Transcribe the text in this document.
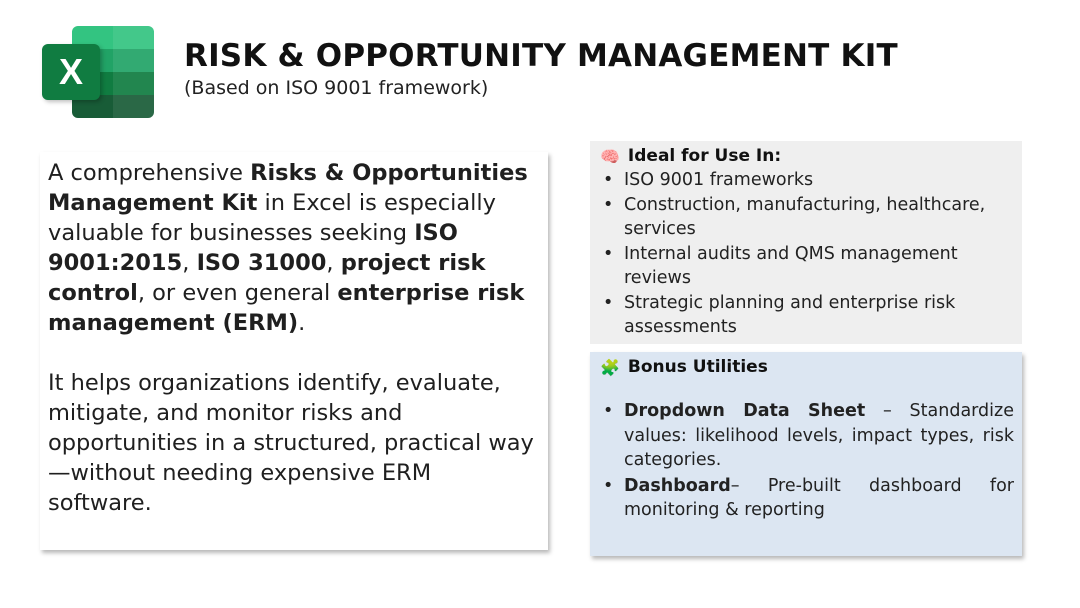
X	RISK & OPPORTUNITY MANAGEMENT KIT
(Based on ISO 9001 framework)

A comprehensive Risks & Opportunities Management Kit in Excel is especially valuable for businesses seeking ISO 9001:2015, ISO 31000, project risk control, or even general enterprise risk management (ERM).

It helps organizations identify, evaluate, mitigate, and monitor risks and opportunities in a structured, practical way—without needing expensive ERM software.

🧠 Ideal for Use In:
• ISO 9001 frameworks
• Construction, manufacturing, healthcare, services
• Internal audits and QMS management reviews
• Strategic planning and enterprise risk assessments
🧩 Bonus Utilities
• Dropdown Data Sheet – Standardize values: likelihood levels, impact types, risk categories.
• Dashboard– Pre-built dashboard for monitoring & reporting
